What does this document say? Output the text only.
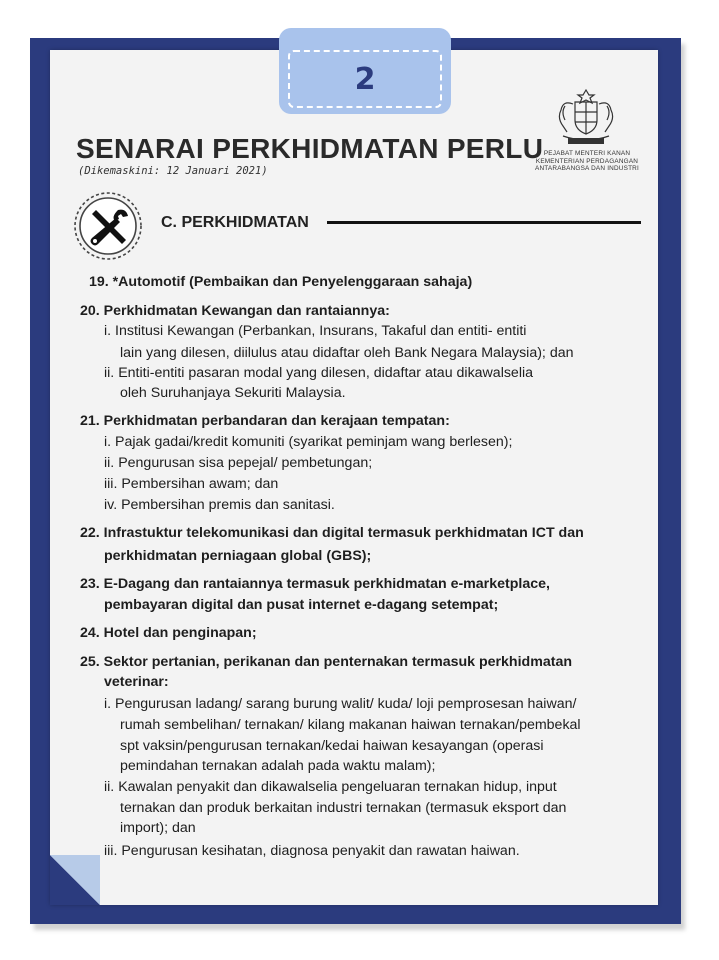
2
SENARAI PERKHIDMATAN PERLU
(Dikemaskini: 12 Januari 2021)
PEJABAT MENTERI KANAN
KEMENTERIAN PERDAGANGAN
ANTARABANGSA DAN INDUSTRI
C. PERKHIDMATAN
19. *Automotif (Pembaikan dan Penyelenggaraan sahaja)
20. Perkhidmatan Kewangan dan rantaiannya:
i. Institusi Kewangan (Perbankan, Insurans, Takaful dan entiti- entiti
lain yang dilesen, diilulus atau didaftar oleh Bank Negara Malaysia); dan
ii. Entiti-entiti pasaran modal yang dilesen, didaftar atau dikawalselia
oleh Suruhanjaya Sekuriti Malaysia.
21. Perkhidmatan perbandaran dan kerajaan tempatan:
i. Pajak gadai/kredit komuniti (syarikat peminjam wang berlesen);
ii. Pengurusan sisa pepejal/ pembetungan;
iii. Pembersihan awam; dan
iv. Pembersihan premis dan sanitasi.
22. Infrastuktur telekomunikasi dan digital termasuk perkhidmatan ICT dan
perkhidmatan perniagaan global (GBS);
23. E-Dagang dan rantaiannya termasuk perkhidmatan e-marketplace,
pembayaran digital dan pusat internet e-dagang setempat;
24. Hotel dan penginapan;
25. Sektor pertanian, perikanan dan penternakan termasuk perkhidmatan
veterinar:
i. Pengurusan ladang/ sarang burung walit/ kuda/ loji pemprosesan haiwan/
rumah sembelihan/ ternakan/ kilang makanan haiwan ternakan/pembekal
spt vaksin/pengurusan ternakan/kedai haiwan kesayangan (operasi
pemindahan ternakan adalah pada waktu malam);
ii. Kawalan penyakit dan dikawalselia pengeluaran ternakan hidup, input
ternakan dan produk berkaitan industri ternakan (termasuk eksport dan
import); dan
iii. Pengurusan kesihatan, diagnosa penyakit dan rawatan haiwan.
